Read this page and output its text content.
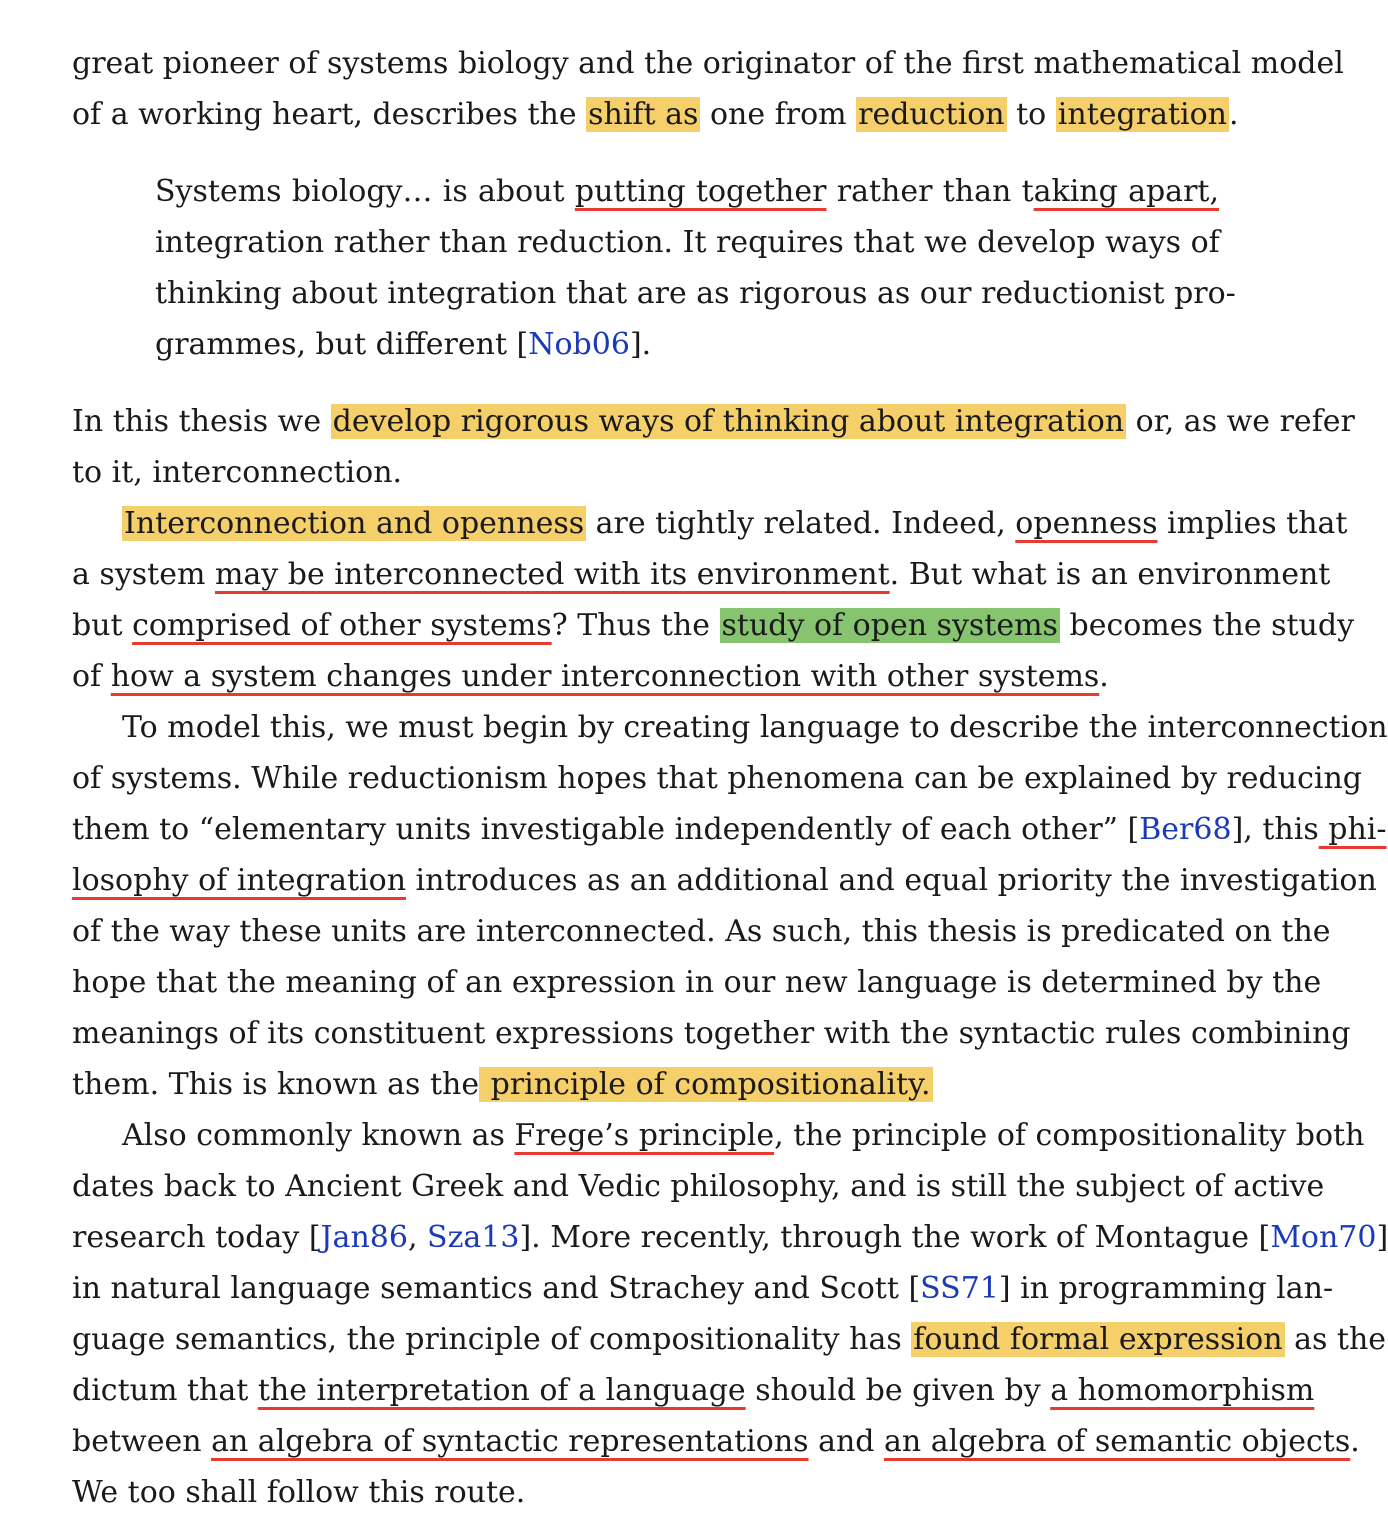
great pioneer of systems biology and the originator of the first mathematical model
of a working heart, describes the shift as one from reduction to integration.
Systems biology… is about putting together rather than taking apart,
integration rather than reduction. It requires that we develop ways of
thinking about integration that are as rigorous as our reductionist pro-
grammes, but different [Nob06].
In this thesis we develop rigorous ways of thinking about integration or, as we refer
to it, interconnection.
Interconnection and openness are tightly related. Indeed, openness implies that
a system may be interconnected with its environment. But what is an environment
but comprised of other systems? Thus the study of open systems becomes the study
of how a system changes under interconnection with other systems.
To model this, we must begin by creating language to describe the interconnection
of systems. While reductionism hopes that phenomena can be explained by reducing
them to “elementary units investigable independently of each other” [Ber68], this phi-
losophy of integration introduces as an additional and equal priority the investigation
of the way these units are interconnected. As such, this thesis is predicated on the
hope that the meaning of an expression in our new language is determined by the
meanings of its constituent expressions together with the syntactic rules combining
them. This is known as the principle of compositionality.
Also commonly known as Frege’s principle, the principle of compositionality both
dates back to Ancient Greek and Vedic philosophy, and is still the subject of active
research today [Jan86, Sza13]. More recently, through the work of Montague [Mon70]
in natural language semantics and Strachey and Scott [SS71] in programming lan-
guage semantics, the principle of compositionality has found formal expression as the
dictum that the interpretation of a language should be given by a homomorphism
between an algebra of syntactic representations and an algebra of semantic objects.
We too shall follow this route.
